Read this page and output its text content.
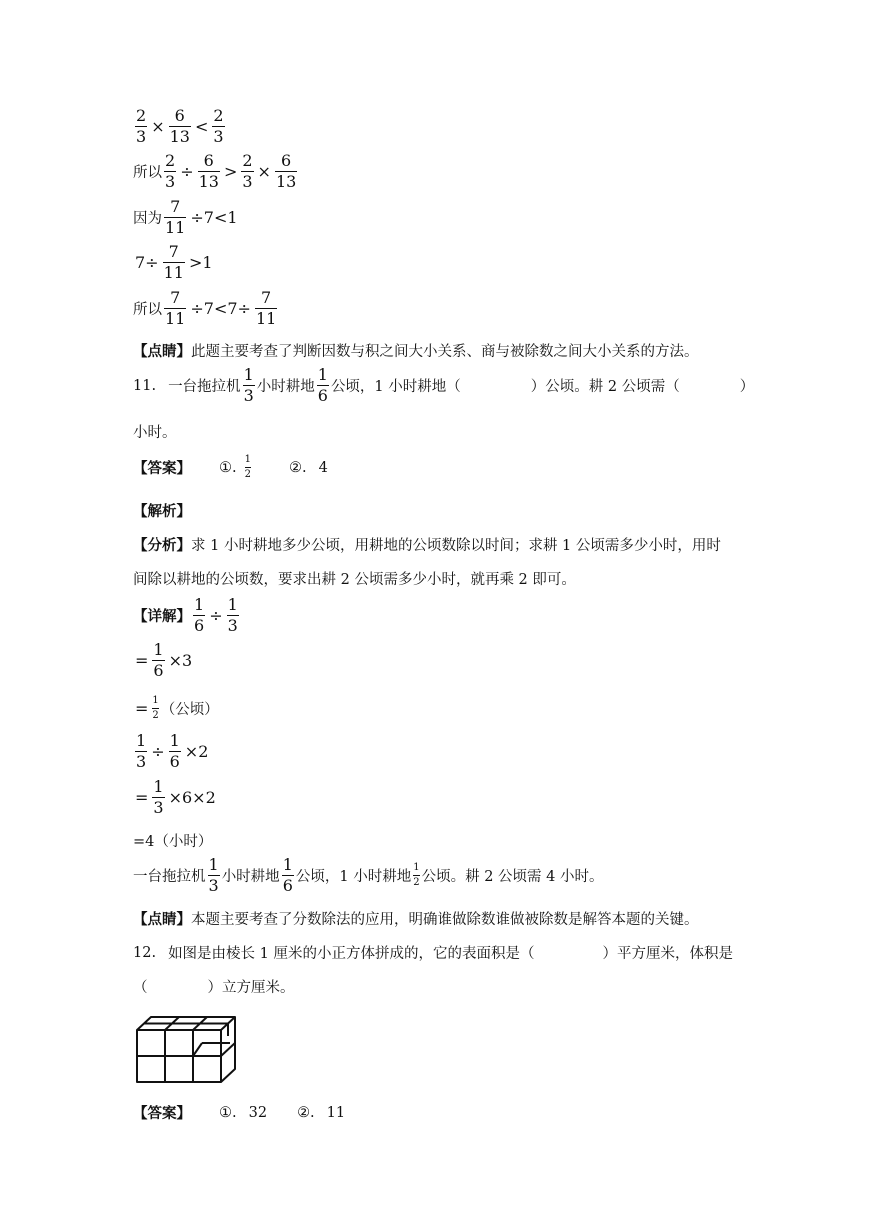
$\frac{2}{3} \times \frac{6}{13} < \frac{2}{3}$
所以 $\frac{2}{3} \div \frac{6}{13} > \frac{2}{3} \times \frac{6}{13}$
因为 $\frac{7}{11} \div 7<1$
$7\div \frac{7}{11} >1$
所以 $\frac{7}{11} \div 7<7\div \frac{7}{11}$
【点睛】 此题主要考查了判断因数与积之间大小关系、商与被除数之间大小关系的方法。
11. 一台拖拉机 $\frac{1}{3}$ 小时耕地 $\frac{1}{6}$ 公顷，1 小时耕地（	）公顷。耕 2 公顷需（	）
小时。
【答案】 ①. $\frac{1}{2}$	②. 4
【解析】
【分析】 求 1 小时耕地多少公顷，用耕地的公顷数除以时间；求耕 1 公顷需多少小时，用时
间除以耕地的公顷数，要求出耕 2 公顷需多少小时，就再乘 2 即可。
【详解】 $\frac{1}{6} \div \frac{1}{3}$
= $\frac{1}{6} \times 3$
= $\frac{1}{2}$ （公顷）
$\frac{1}{3} \div \frac{1}{6} \times 2$
= $\frac{1}{3} \times 6\times 2$
=4（小时）
一台拖拉机 $\frac{1}{3}$ 小时耕地 $\frac{1}{6}$ 公顷，1 小时耕地 $\frac{1}{2}$ 公顷。耕 2 公顷需 4 小时。
【点睛】 本题主要考查了分数除法的应用，明确谁做除数谁做被除数是解答本题的关键。
12. 如图是由棱长 1 厘米的小正方体拼成的，它的表面积是（	）平方厘米，体积是
（	）立方厘米。
【答案】 ①. 32 ②. 11
